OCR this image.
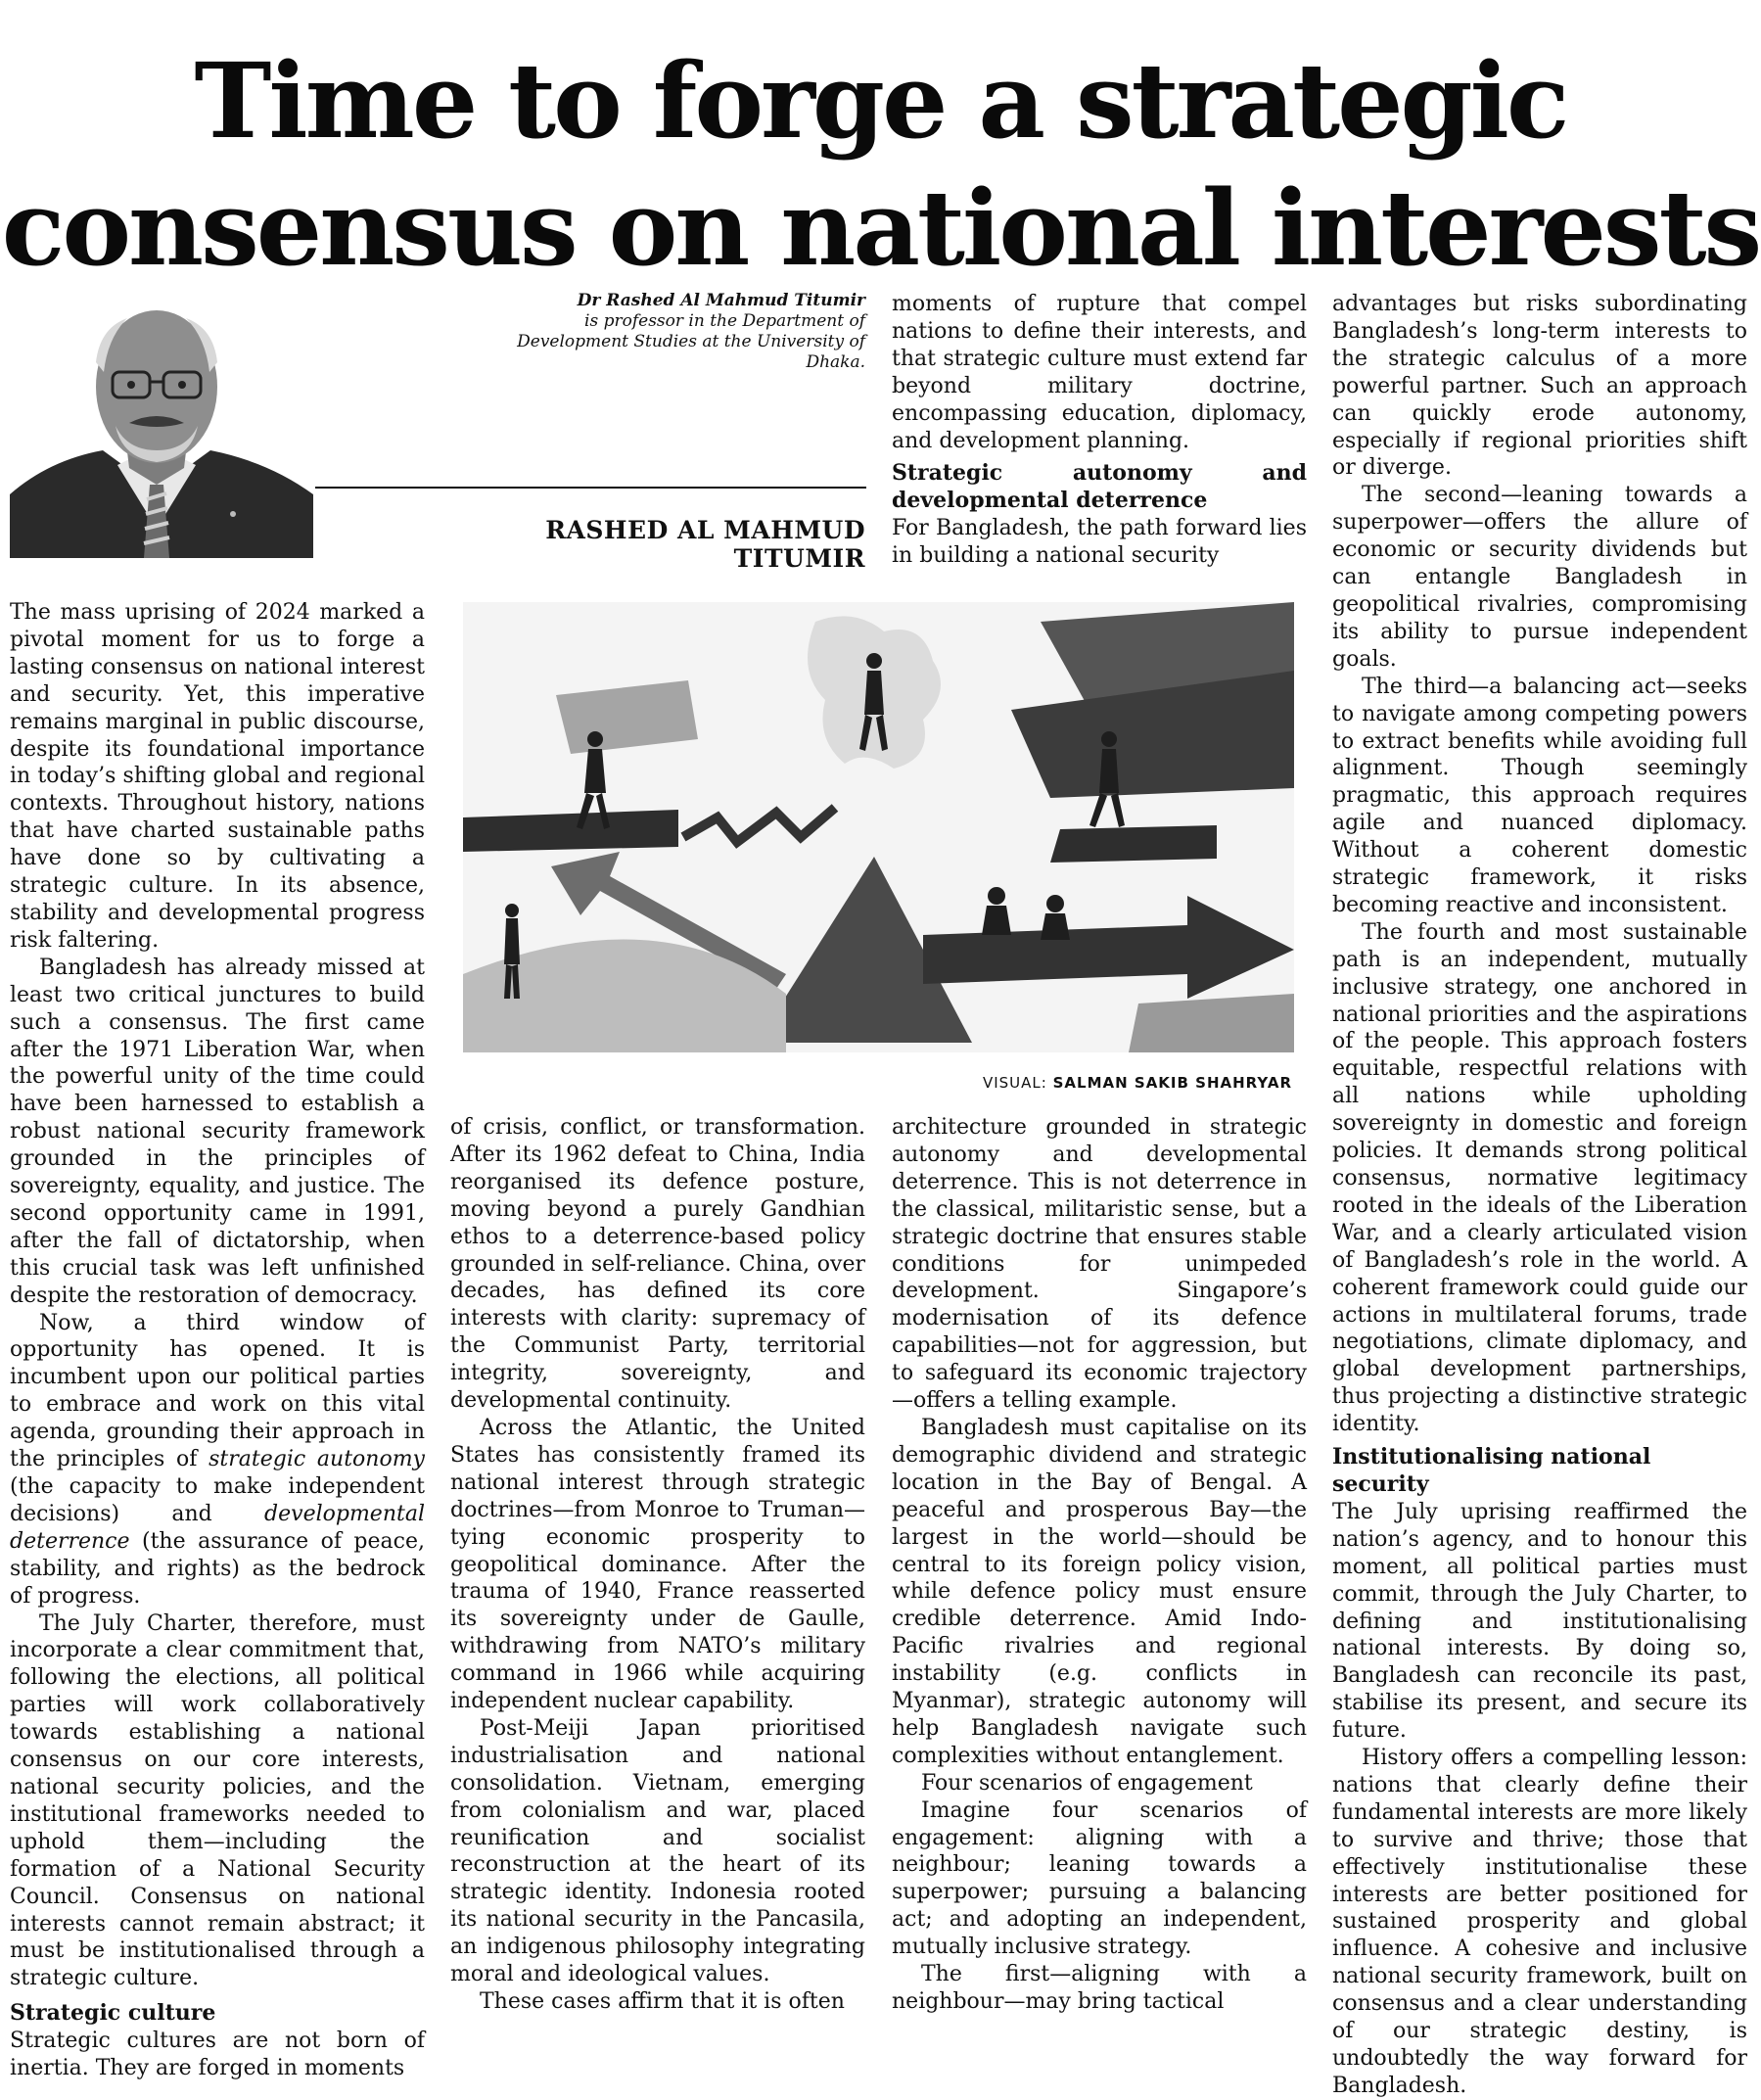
Time to forge a strategic
consensus on national interests
Dr Rashed Al Mahmud Titumir
is professor in the Department of Development Studies at the University of Dhaka.
RASHED AL MAHMUD TITUMIR

The mass uprising of 2024 marked a pivotal moment for us to forge a lasting consensus on national interest and security. Yet, this imperative remains marginal in public discourse, despite its foundational importance in today’s shifting global and regional contexts. Throughout history, nations that have charted sustainable paths have done so by cultivating a strategic culture. In its absence, stability and developmental progress risk faltering.

Bangladesh has already missed at least two critical junctures to build such a consensus. The first came after the 1971 Liberation War, when the powerful unity of the time could have been harnessed to establish a robust national security framework grounded in the principles of sovereignty, equality, and justice. The second opportunity came in 1991, after the fall of dictatorship, when this crucial task was left unfinished despite the restoration of democracy.

Now, a third window of opportunity has opened. It is incumbent upon our political parties to embrace and work on this vital agenda, grounding their approach in the principles of strategic autonomy (the capacity to make independent decisions) and developmental deterrence (the assurance of peace, stability, and rights) as the bedrock of progress.

The July Charter, therefore, must incorporate a clear commitment that, following the elections, all political parties will work collaboratively towards establishing a national consensus on our core interests, national security policies, and the institutional frameworks needed to uphold them—including the formation of a National Security Council. Consensus on national interests cannot remain abstract; it must be institutionalised through a strategic culture.

Strategic culture

Strategic cultures are not born of inertia. They are forged in moments

of crisis, conflict, or transformation. After its 1962 defeat to China, India reorganised its defence posture, moving beyond a purely Gandhian ethos to a deterrence-based policy grounded in self-reliance. China, over decades, has defined its core interests with clarity: supremacy of the Communist Party, territorial integrity, sovereignty, and developmental continuity.

Across the Atlantic, the United States has consistently framed its national interest through strategic doctrines—from Monroe to Truman—tying economic prosperity to geopolitical dominance. After the trauma of 1940, France reasserted its sovereignty under de Gaulle, withdrawing from NATO’s military command in 1966 while acquiring independent nuclear capability.

Post-Meiji Japan prioritised industrialisation and national consolidation. Vietnam, emerging from colonialism and war, placed reunification and socialist reconstruction at the heart of its strategic identity. Indonesia rooted its national security in the Pancasila, an indigenous philosophy integrating moral and ideological values.

These cases affirm that it is often

moments of rupture that compel nations to define their interests, and that strategic culture must extend far beyond military doctrine, encompassing education, diplomacy, and development planning.

Strategic autonomy and developmental deterrence

For Bangladesh, the path forward lies in building a national security

VISUAL: SALMAN SAKIB SHAHRYAR

architecture grounded in strategic autonomy and developmental deterrence. This is not deterrence in the classical, militaristic sense, but a strategic doctrine that ensures stable conditions for unimpeded development. Singapore’s modernisation of its defence capabilities—not for aggression, but to safeguard its economic trajectory—offers a telling example.

Bangladesh must capitalise on its demographic dividend and strategic location in the Bay of Bengal. A peaceful and prosperous Bay—the largest in the world—should be central to its foreign policy vision, while defence policy must ensure credible deterrence. Amid Indo-Pacific rivalries and regional instability (e.g. conflicts in Myanmar), strategic autonomy will help Bangladesh navigate such complexities without entanglement.

Four scenarios of engagement

Imagine four scenarios of engagement: aligning with a neighbour; leaning towards a superpower; pursuing a balancing act; and adopting an independent, mutually inclusive strategy.

The first—aligning with a neighbour—may bring tactical

advantages but risks subordinating Bangladesh’s long-term interests to the strategic calculus of a more powerful partner. Such an approach can quickly erode autonomy, especially if regional priorities shift or diverge.

The second—leaning towards a superpower—offers the allure of economic or security dividends but can entangle Bangladesh in geopolitical rivalries, compromising its ability to pursue independent goals.

The third—a balancing act—seeks to navigate among competing powers to extract benefits while avoiding full alignment. Though seemingly pragmatic, this approach requires agile and nuanced diplomacy. Without a coherent domestic strategic framework, it risks becoming reactive and inconsistent.

The fourth and most sustainable path is an independent, mutually inclusive strategy, one anchored in national priorities and the aspirations of the people. This approach fosters equitable, respectful relations with all nations while upholding sovereignty in domestic and foreign policies. It demands strong political consensus, normative legitimacy rooted in the ideals of the Liberation War, and a clearly articulated vision of Bangladesh’s role in the world. A coherent framework could guide our actions in multilateral forums, trade negotiations, climate diplomacy, and global development partnerships, thus projecting a distinctive strategic identity.

Institutionalising national security

The July uprising reaffirmed the nation’s agency, and to honour this moment, all political parties must commit, through the July Charter, to defining and institutionalising national interests. By doing so, Bangladesh can reconcile its past, stabilise its present, and secure its future.

History offers a compelling lesson: nations that clearly define their fundamental interests are more likely to survive and thrive; those that effectively institutionalise these interests are better positioned for sustained prosperity and global influence. A cohesive and inclusive national security framework, built on consensus and a clear understanding of our strategic destiny, is undoubtedly the way forward for Bangladesh.
